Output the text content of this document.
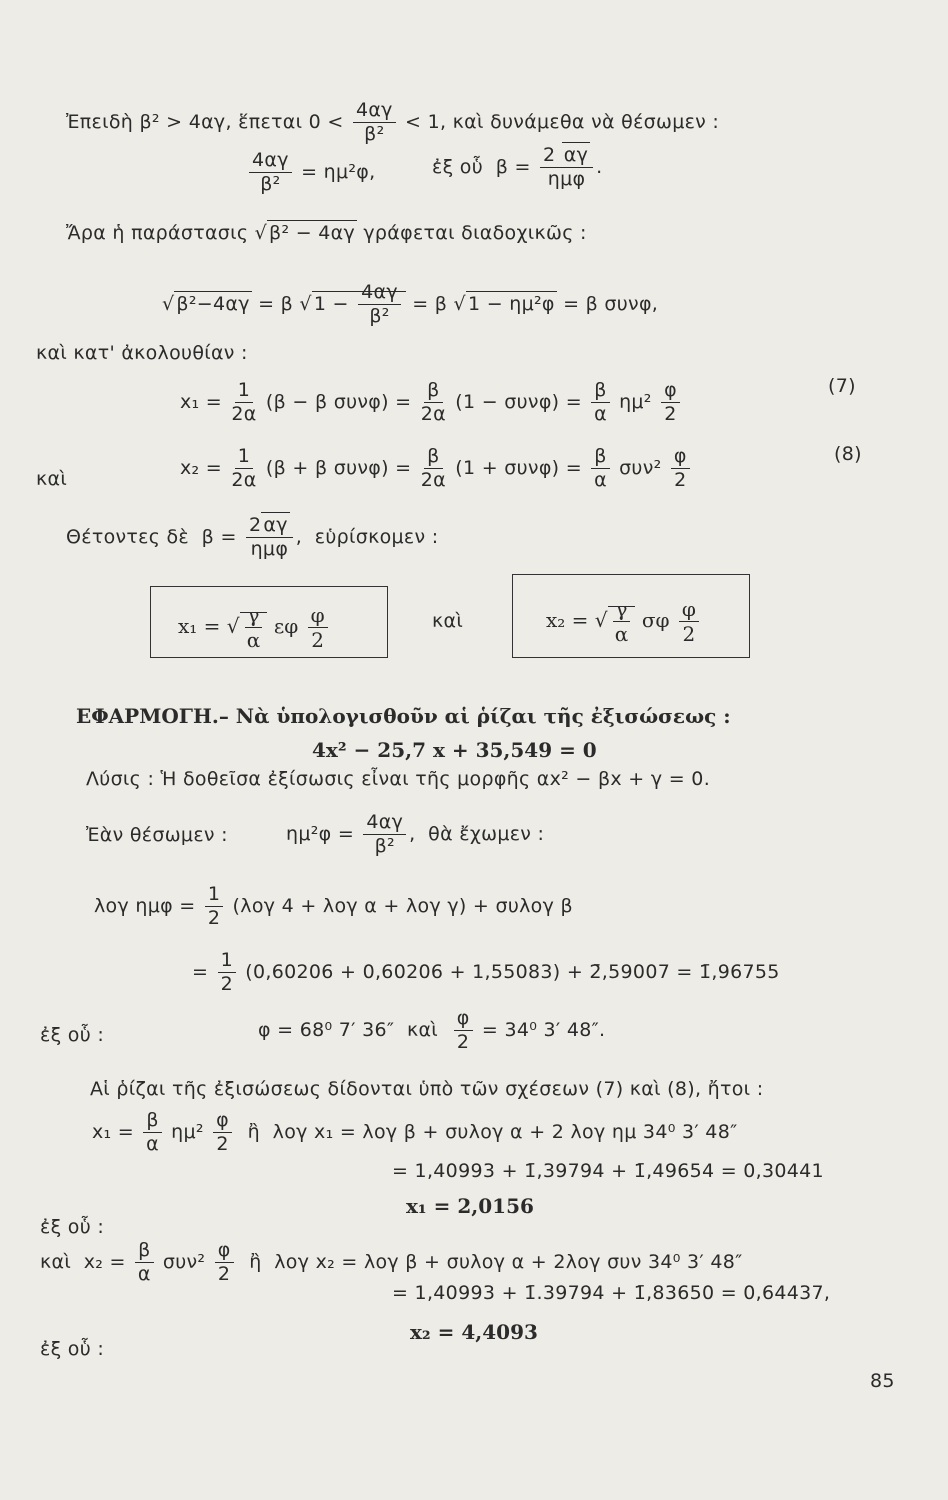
Ἐπειδὴ β² > 4αγ, ἕπεται $0 < \frac{4\alpha\gamma}{\text{β²}} < 1$, καὶ δυνάμεθα νὰ θέσωμεν :
$\frac{4\alpha\gamma}{\text{β²}} = \eta\mu^2\varphi$,	ἐξ οὗ  $\beta = \frac{2 \alpha\gamma}{\text{ημφ}}$ .
Ἄρα ἡ παράστασις √ β² − 4αγ γράφεται διαδοχικῶς :
√ β²−4αγ = β √ $1 - \frac{4\alpha\gamma}{\text{β²}} = \beta$ √ 1 − ημ²φ = β συνφ,
καὶ κατ' ἀκολουθίαν :
$x_1 = \frac{1}{2\alpha} (\beta - \beta$ $\sigma\upsilon\nu\varphi) = \frac{\beta}{2\alpha} (1 - \sigma\upsilon\nu\varphi) = \frac{\beta}{\alpha} \eta\mu^2 \frac{\varphi}{2}$	(7)
καὶ
$x_2 = \frac{1}{2\alpha} (\beta + \beta$ $\sigma\upsilon\nu\varphi) = \frac{\beta}{2\alpha} (1 + \sigma\upsilon\nu\varphi) = \frac{\beta}{\alpha} \sigma\upsilon\nu^2 \frac{\varphi}{2}$	(8)
Θέτοντες δὲ  $\beta = \frac{2 \alpha\gamma}{\text{ημφ}}$ ,  εὑρίσκομεν :
x₁ = √ $\frac{\gamma}{\alpha}$ εφ $\frac{\varphi}{2}$	καὶ	x₂ = √ $\frac{\gamma}{\alpha}$ σφ $\frac{\varphi}{2}$
ΕΦΑΡΜΟΓΗ.– Νὰ ὑπολογισθοῦν αἱ ῥίζαι τῆς ἐξισώσεως :
4x² − 25,7 x + 35,549 = 0
Λύσις : Ἡ δοθεῖσα ἐξίσωσις εἶναι τῆς μορφῆς αx² − βx + γ = 0.
Ἐὰν θέσωμεν :	$\eta\mu^2\varphi = \frac{4\alpha\gamma}{\text{β²}}$ ,  θὰ ἔχωμεν :
λογ $\eta\mu\varphi = \frac{1}{2} (\lambda o\gamma$ 4 + λογ α + λογ γ) + συλογ β
= $\frac{1}{2} (0,60206 + 0,60206 + 1,55083)$ + 2̄,59007 = 1̄,96755
ἐξ οὗ :	φ = 68⁰ 7′ 36″  καὶ $\frac{\varphi}{2} = 34^0$ 3′ 48″.
Αἱ ῥίζαι τῆς ἐξισώσεως δίδονται ὑπὸ τῶν σχέσεων (7) καὶ (8), ἤτοι :
$x_1 = \frac{\beta}{\alpha} \eta\mu^2 \frac{\varphi}{2}$ ἢ  λογ x₁ = λογ β + συλογ α + 2 λογ ημ 34⁰ 3′ 48″
= 1,40993 + 1̄,39794 + 1̄,49654 = 0,30441
ἐξ οὗ :
x₁ = 2,0156
καὶ  $x_2 = \frac{\beta}{\alpha} \sigma\upsilon\nu^2 \frac{\varphi}{2}$ ἢ  λογ x₂ = λογ β + συλογ α + 2λογ συν 34⁰ 3′ 48″
= 1,40993 + 1̄.39794 + 1̄,83650 = 0,64437,
ἐξ οὗ :
x₂ = 4,4093
85
